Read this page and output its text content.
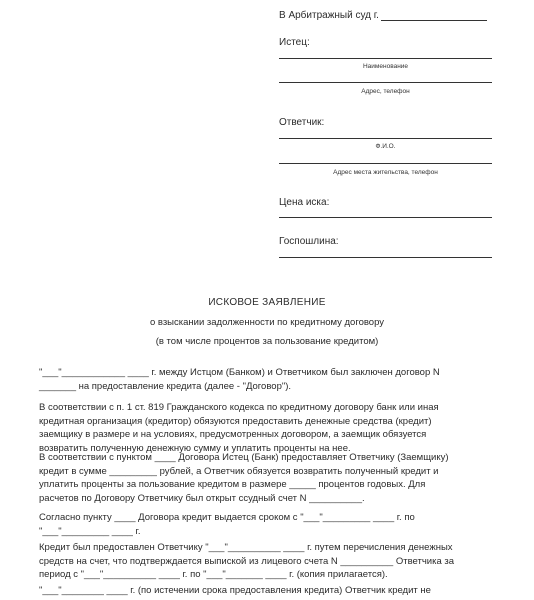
В Арбитражный суд г.
Истец:
Наименование
Адрес, телефон
Ответчик:
Ф.И.О.
Адрес места жительства, телефон
Цена иска:
Госпошлина:
ИСКОВОЕ ЗАЯВЛЕНИЕ
о взыскании задолженности по кредитному договору
(в том числе процентов за пользование кредитом)
"___"____________ ____ г. между Истцом (Банком) и Ответчиком был заключен договор N
_______ на предоставление кредита (далее - "Договор").
В соответствии с п. 1 ст. 819 Гражданского кодекса по кредитному договору банк или иная
кредитная организация (кредитор) обязуются предоставить денежные средства (кредит)
заемщику в размере и на условиях, предусмотренных договором, а заемщик обязуется
возвратить полученную денежную сумму и уплатить проценты на нее.
В соответствии с пунктом ____ Договора Истец (Банк) предоставляет Ответчику (Заемщику)
кредит в сумме _________ рублей, а Ответчик обязуется возвратить полученный кредит и
уплатить проценты за пользование кредитом в размере _____ процентов годовых. Для
расчетов по Договору Ответчику был открыт ссудный счет N __________.
Согласно пункту ____ Договора кредит выдается сроком с "___"_________ ____ г. по
"___"_________ ____ г.
Кредит был предоставлен Ответчику "___"__________ ____ г. путем перечисления денежных
средств на счет, что подтверждается выпиской из лицевого счета N __________ Ответчика за
период с "___"__________ ____ г. по "___"_______ ____ г. (копия прилагается).
"___"________ ____ г. (по истечении срока предоставления кредита) Ответчик кредит не
